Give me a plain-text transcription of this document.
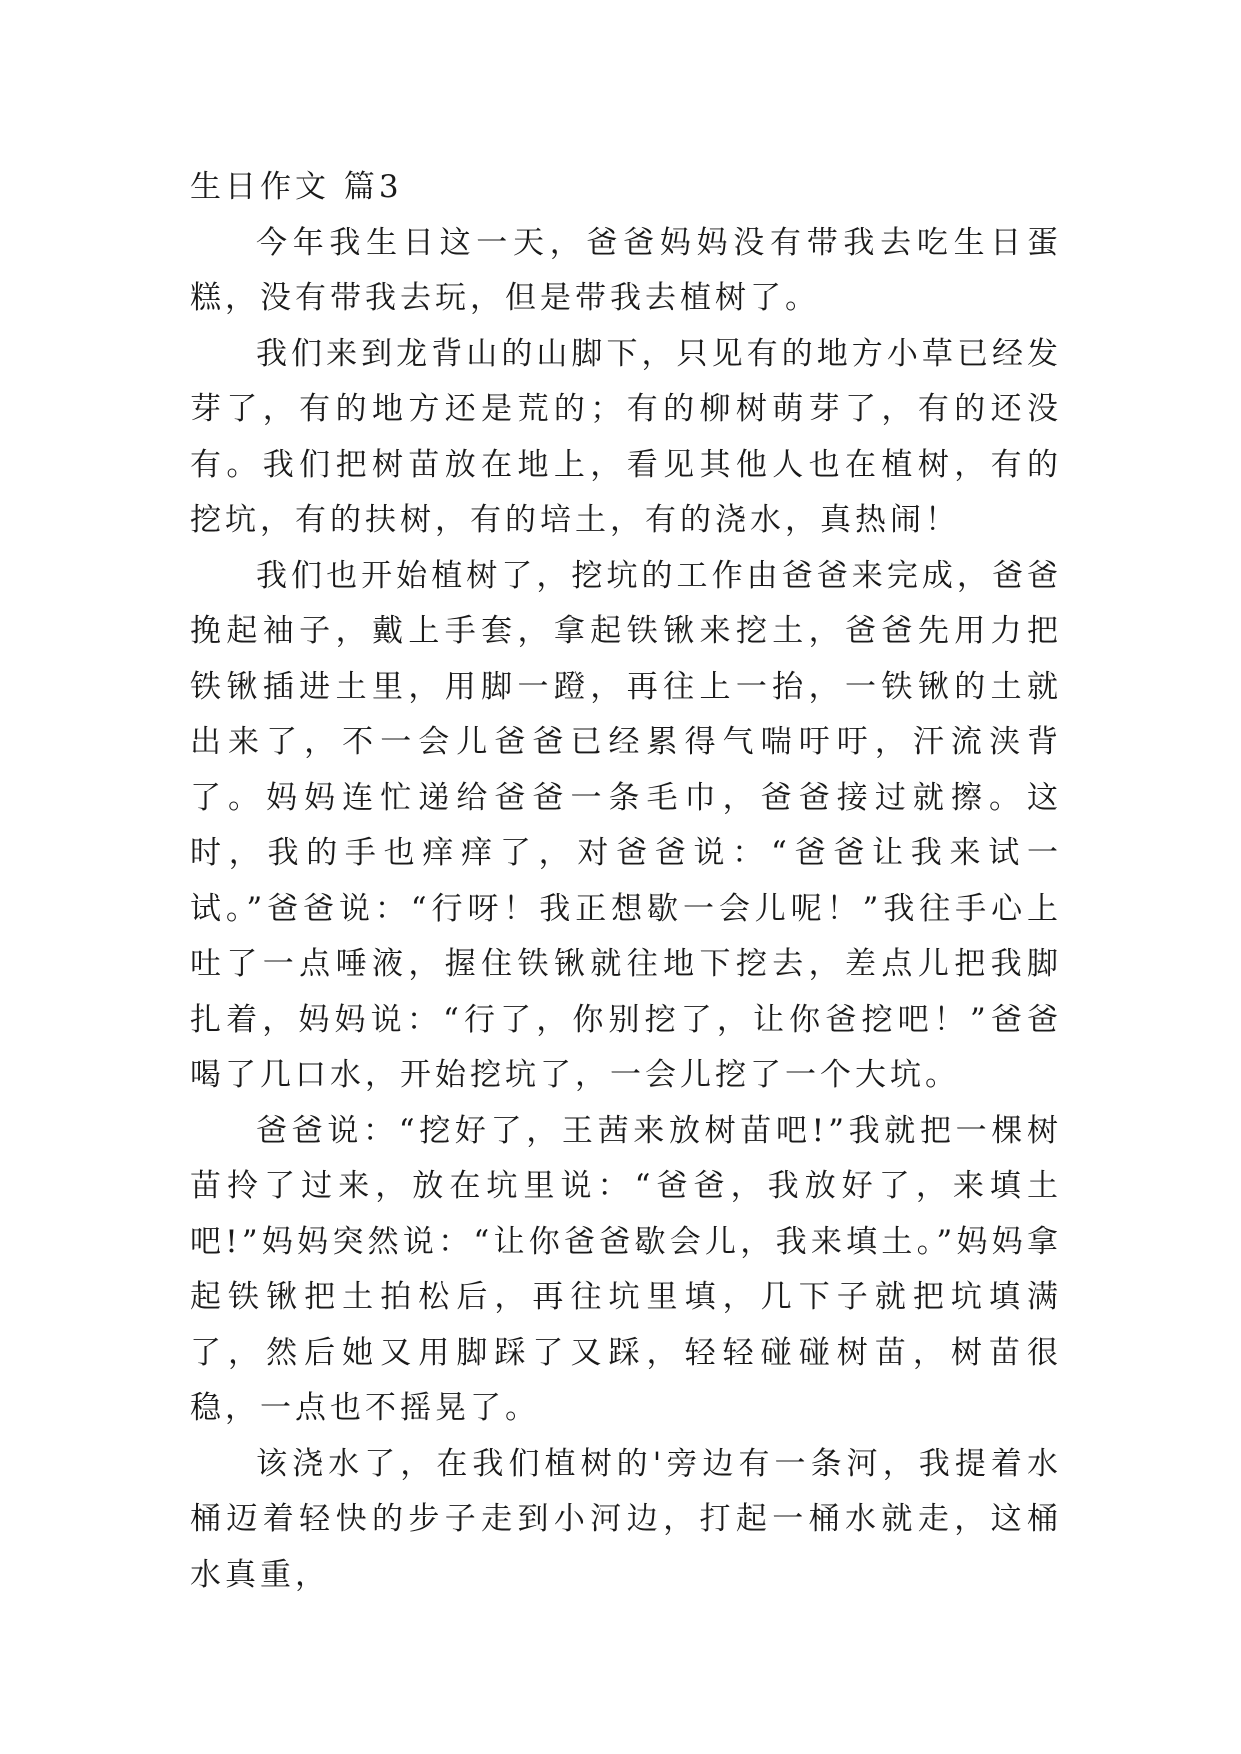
生日作文 篇3

今年我生日这一天，爸爸妈妈没有带我去吃生日蛋糕，没有带我去玩，但是带我去植树了。

我们来到龙背山的山脚下，只见有的地方小草已经发芽了，有的地方还是荒的；有的柳树萌芽了，有的还没有。我们把树苗放在地上，看见其他人也在植树，有的挖坑，有的扶树，有的培土，有的浇水，真热闹！

我们也开始植树了，挖坑的工作由爸爸来完成，爸爸挽起袖子，戴上手套，拿起铁锹来挖土，爸爸先用力把铁锹插进土里，用脚一蹬，再往上一抬，一铁锹的土就出来了，不一会儿爸爸已经累得气喘吁吁，汗流浃背了。妈妈连忙递给爸爸一条毛巾，爸爸接过就擦。这时，我的手也痒痒了，对爸爸说：“爸爸让我来试一试。”爸爸说：“行呀！我正想歇一会儿呢！”我往手心上吐了一点唾液，握住铁锹就往地下挖去，差点儿把我脚扎着，妈妈说：“行了，你别挖了，让你爸挖吧！”爸爸喝了几口水，开始挖坑了，一会儿挖了一个大坑。

爸爸说：“挖好了，王茜来放树苗吧!”我就把一棵树苗拎了过来，放在坑里说：“爸爸，我放好了，来填土吧!”妈妈突然说：“让你爸爸歇会儿，我来填土。”妈妈拿起铁锹把土拍松后，再往坑里填，几下子就把坑填满了，然后她又用脚踩了又踩，轻轻碰碰树苗，树苗很稳，一点也不摇晃了。

该浇水了，在我们植树的'旁边有一条河，我提着水桶迈着轻快的步子走到小河边，打起一桶水就走，这桶水真重，
